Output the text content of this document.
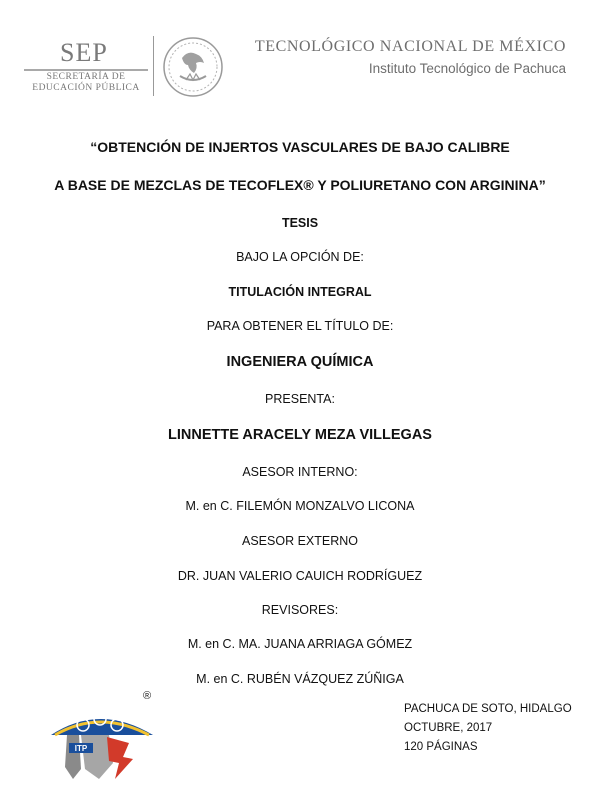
SEP
SECRETARÍA DE
EDUCACIÓN PÚBLICA
TECNOLÓGICO NACIONAL DE MÉXICO
Instituto Tecnológico de Pachuca
“OBTENCIÓN DE INJERTOS VASCULARES DE BAJO CALIBRE
A BASE DE MEZCLAS DE TECOFLEX® Y POLIURETANO CON ARGININA”
TESIS
BAJO LA OPCIÓN DE:
TITULACIÓN INTEGRAL
PARA OBTENER EL TÍTULO DE:
INGENIERA QUÍMICA
PRESENTA:
LINNETTE ARACELY MEZA VILLEGAS
ASESOR INTERNO:
M. en C. FILEMÓN MONZALVO LICONA
ASESOR EXTERNO
DR. JUAN VALERIO CAUICH RODRÍGUEZ
REVISORES:
M. en C. MA. JUANA ARRIAGA GÓMEZ
M. en C. RUBÉN VÁZQUEZ ZÚÑIGA
ITP
®
PACHUCA DE SOTO, HIDALGO
OCTUBRE, 2017
120 PÁGINAS
